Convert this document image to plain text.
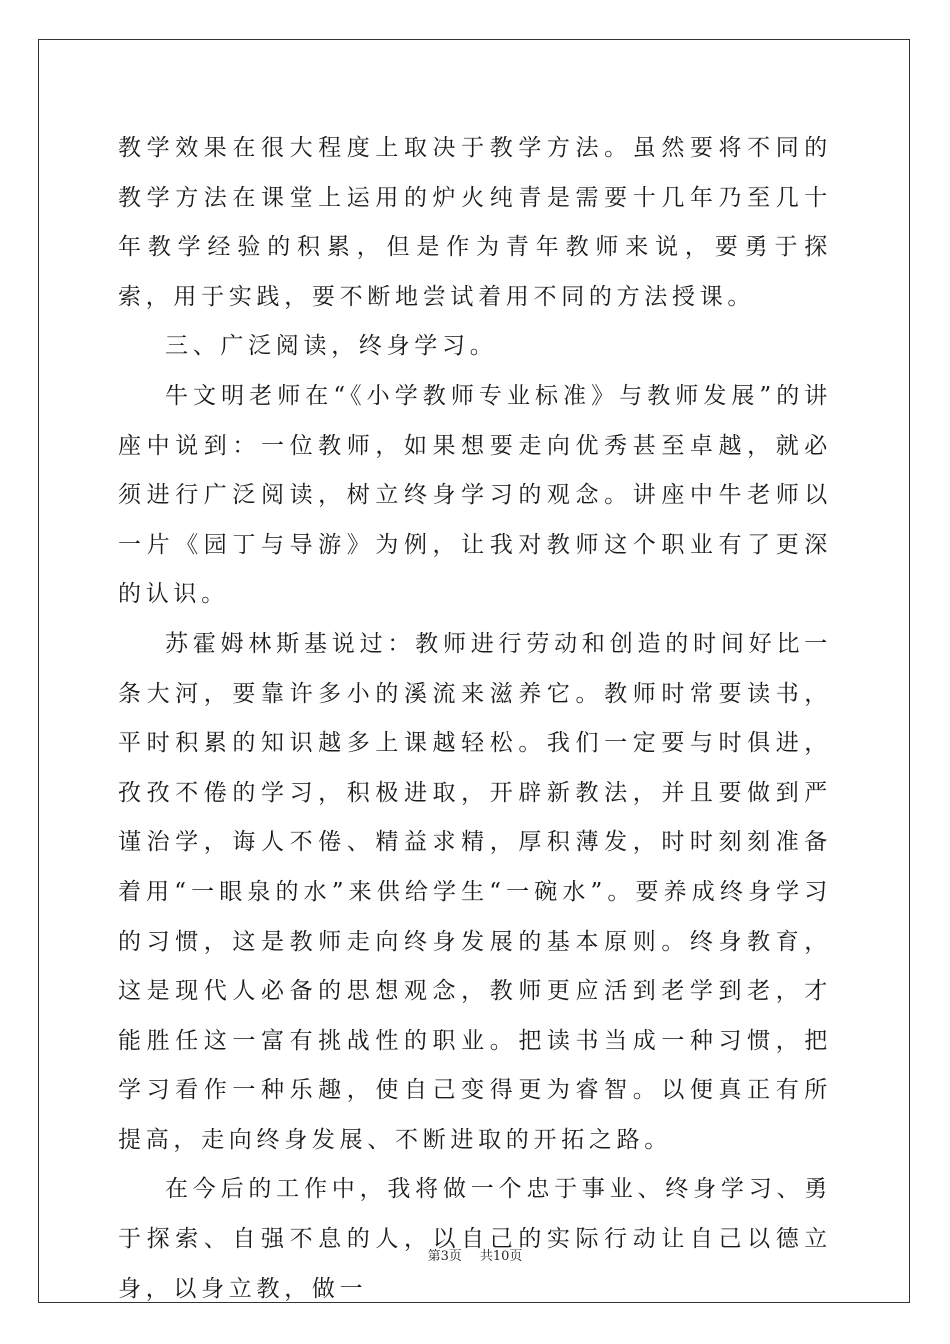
教学效果在很大程度上取决于教学方法。虽然要将不同的教学方法在课堂上运用的炉火纯青是需要十几年乃至几十年教学经验的积累，但是作为青年教师来说，要勇于探索，用于实践，要不断地尝试着用不同的方法授课。

三、广泛阅读，终身学习。

牛文明老师在“《小学教师专业标准》与教师发展”的讲座中说到：一位教师，如果想要走向优秀甚至卓越，就必须进行广泛阅读，树立终身学习的观念。讲座中牛老师以一片《园丁与导游》为例，让我对教师这个职业有了更深的认识。

苏霍姆林斯基说过：教师进行劳动和创造的时间好比一条大河，要靠许多小的溪流来滋养它。教师时常要读书，平时积累的知识越多上课越轻松。我们一定要与时俱进，孜孜不倦的学习，积极进取，开辟新教法，并且要做到严谨治学，诲人不倦、精益求精，厚积薄发，时时刻刻准备着用“一眼泉的水”来供给学生“一碗水”。要养成终身学习的习惯，这是教师走向终身发展的基本原则。终身教育，这是现代人必备的思想观念，教师更应活到老学到老，才能胜任这一富有挑战性的职业。把读书当成一种习惯，把学习看作一种乐趣，使自己变得更为睿智。以便真正有所提高，走向终身发展、不断进取的开拓之路。

在今后的工作中，我将做一个忠于事业、终身学习、勇于探索、自强不息的人，以自己的实际行动让自己以德立身，以身立教，做一

第3页 共10页
